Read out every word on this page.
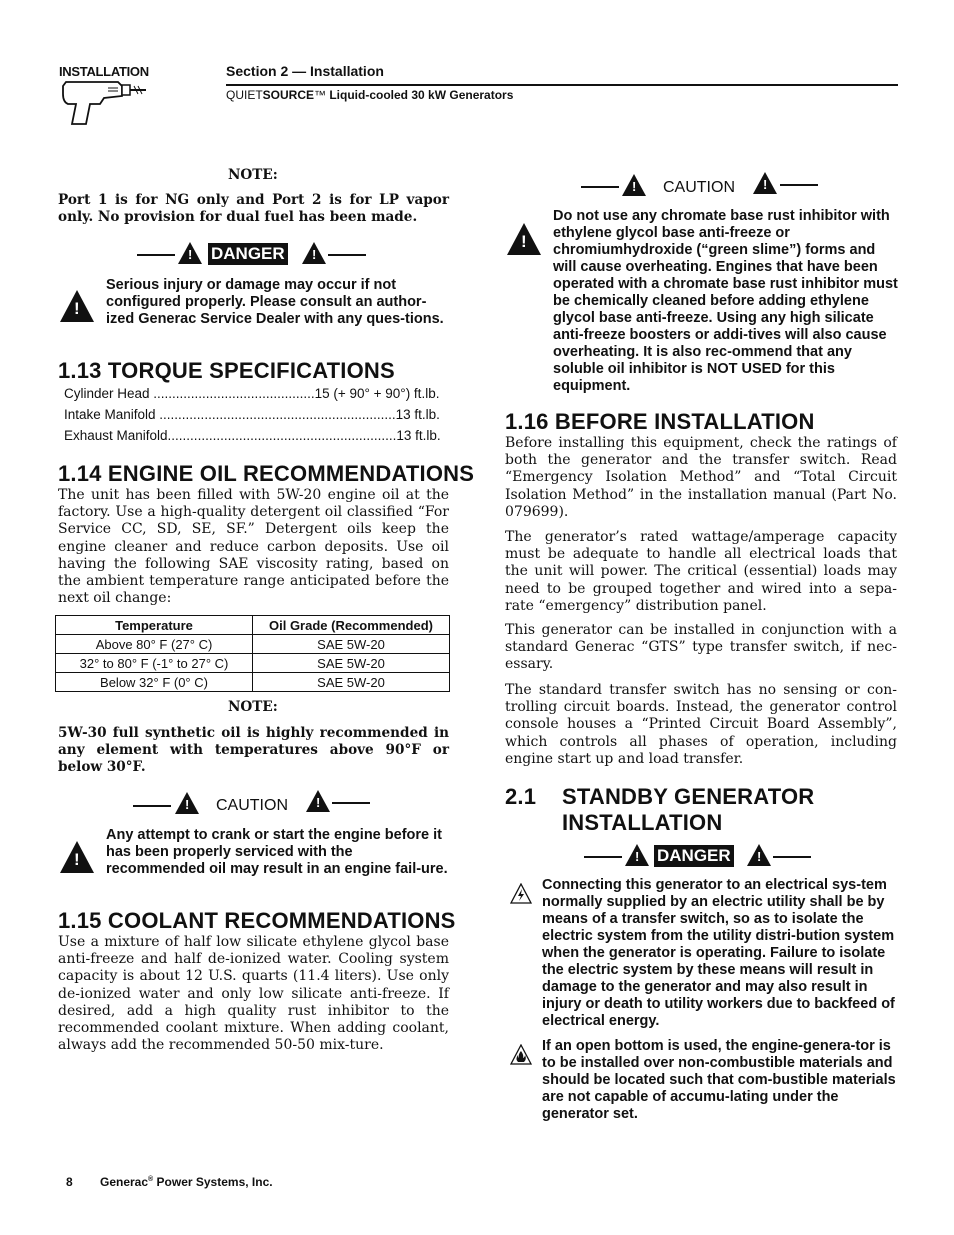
INSTALLATION	Section 2 — Installation
QUIETSOURCE™ Liquid-cooled 30 kW Generators
NOTE:
Port 1 is for NG only and Port 2 is for LP vapor only. No provision for dual fuel has been made.
! DANGER !
!
Serious injury or damage may occur if not configured properly. Please consult an author-ized Generac Service Dealer with any ques-tions.
1.13 TORQUE SPECIFICATIONS
Cylinder Head ...........................................15 (+ 90° + 90°) ft.lb.
Intake Manifold ...............................................................13 ft.lb.
Exhaust Manifold.............................................................13 ft.lb.
1.14 ENGINE OIL RECOMMENDATIONS
The unit has been filled with 5W-20 engine oil at the factory. Use a high-quality detergent oil classified “For Service CC, SD, SE, SF.” Detergent oils keep the engine cleaner and reduce carbon deposits. Use oil having the following SAE viscosity rating, based on the ambient temperature range anticipated before the next oil change:
Temperature	Oil Grade (Recommended)
Above 80° F (27° C)	SAE 5W-20
32° to 80° F (-1° to 27° C)	SAE 5W-20
Below 32° F (0° C)	SAE 5W-20
NOTE:
5W-30 full synthetic oil is highly recommended in any element with temperatures above 90°F or below 30°F.
! CAUTION !
!
Any attempt to crank or start the engine before it has been properly serviced with the recommended oil may result in an engine fail-ure.
1.15 COOLANT RECOMMENDATIONS
Use a mixture of half low silicate ethylene glycol base anti-freeze and half de-ionized water. Cooling system capacity is about 12 U.S. quarts (11.4 liters). Use only de-ionized water and only low silicate anti-freeze. If desired, add a high quality rust inhibitor to the recommended coolant mixture. When adding coolant, always add the recommended 50-50 mix-ture.
! CAUTION !
!
Do not use any chromate base rust inhibitor with ethylene glycol base anti-freeze or chromiumhydroxide (“green slime”) forms and will cause overheating. Engines that have been operated with a chromate base rust inhibitor must be chemically cleaned before adding ethylene glycol base anti-freeze. Using any high silicate anti-freeze boosters or addi-tives will also cause overheating. It is also rec-ommend that any soluble oil inhibitor is NOT USED for this equipment.
1.16 BEFORE INSTALLATION
Before installing this equipment, check the ratings of both the generator and the transfer switch. Read “Emergency Isolation Method” and “Total Circuit Isolation Method” in the installation manual (Part No. 079699).
The generator’s rated wattage/amperage capacity must be adequate to handle all electrical loads that the unit will power. The critical (essential) loads may need to be grouped together and wired into a sepa-rate “emergency” distribution panel.
This generator can be installed in conjunction with a standard Generac “GTS” type transfer switch, if nec-essary.
The standard transfer switch has no sensing or con-trolling circuit boards. Instead, the generator control console houses a “Printed Circuit Board Assembly”, which controls all phases of operation, including engine start up and load transfer.
2.1 STANDBY GENERATOR
INSTALLATION
! DANGER !
Connecting this generator to an electrical sys-tem normally supplied by an electric utility shall be by means of a transfer switch, so as to isolate the electric system from the utility distri-bution system when the generator is operating. Failure to isolate the electric system by these means will result in damage to the generator and may also result in injury or death to utility workers due to backfeed of electrical energy.
If an open bottom is used, the engine-genera-tor is to be installed over non-combustible materials and should be located such that com-bustible materials are not capable of accumu-lating under the generator set.
8 Generac® Power Systems, Inc.
